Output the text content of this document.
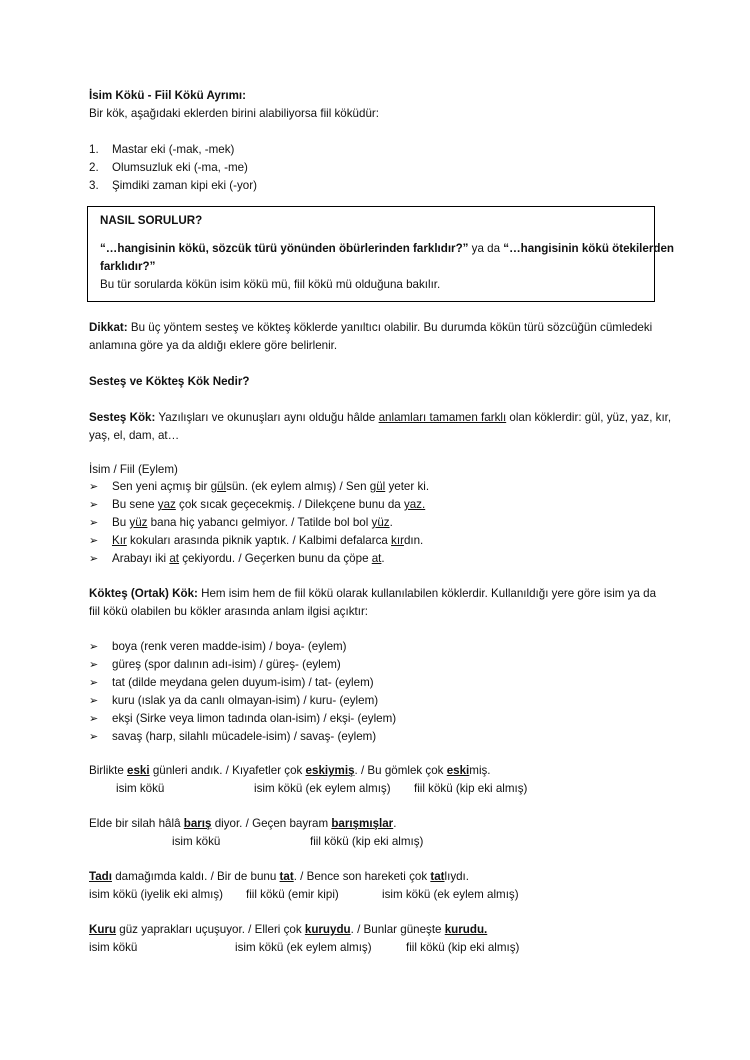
İsim Kökü - Fiil Kökü Ayrımı:
Bir kök, aşağıdaki eklerden birini alabiliyorsa fiil köküdür:
1. Mastar eki (-mak, -mek)
2. Olumsuzluk eki (-ma, -me)
3. Şimdiki zaman kipi eki (-yor)
NASIL SORULUR?
“…hangisinin kökü, sözcük türü yönünden öbürlerinden farklıdır?” ya da “…hangisinin kökü ötekilerden
farklıdır?”
Bu tür sorularda kökün isim kökü mü, fiil kökü mü olduğuna bakılır.
Dikkat: Bu üç yöntem sesteş ve kökteş köklerde yanıltıcı olabilir. Bu durumda kökün türü sözcüğün cümledeki
anlamına göre ya da aldığı eklere göre belirlenir.
Sesteş ve Kökteş Kök Nedir?
Sesteş Kök: Yazılışları ve okunuşları aynı olduğu hâlde anlamları tamamen farklı olan köklerdir: gül, yüz, yaz, kır,
yaş, el, dam, at…
İsim / Fiil (Eylem)
➢ Sen yeni açmış bir gülsün. (ek eylem almış) / Sen gül yeter ki.
➢ Bu sene yaz çok sıcak geçecekmiş. / Dilekçene bunu da yaz.
➢ Bu yüz bana hiç yabancı gelmiyor. / Tatilde bol bol yüz.
➢ Kır kokuları arasında piknik yaptık. / Kalbimi defalarca kırdın.
➢ Arabayı iki at çekiyordu. / Geçerken bunu da çöpe at.
Kökteş (Ortak) Kök: Hem isim hem de fiil kökü olarak kullanılabilen köklerdir. Kullanıldığı yere göre isim ya da
fiil kökü olabilen bu kökler arasında anlam ilgisi açıktır:
➢ boya (renk veren madde-isim) / boya- (eylem)
➢ güreş (spor dalının adı-isim) / güreş- (eylem)
➢ tat (dilde meydana gelen duyum-isim) / tat- (eylem)
➢ kuru (ıslak ya da canlı olmayan-isim) / kuru- (eylem)
➢ ekşi (Sirke veya limon tadında olan-isim) / ekşi- (eylem)
➢ savaş (harp, silahlı mücadele-isim) / savaş- (eylem)
Birlikte eski günleri andık. / Kıyafetler çok eskiymiş. / Bu gömlek çok eskimiş.
isim kökü	isim kökü (ek eylem almış) fiil kökü (kip eki almış)
Elde bir silah hâlâ barış diyor. / Geçen bayram barışmışlar.
isim kökü	fiil kökü (kip eki almış)
Tadı damağımda kaldı. / Bir de bunu tat. / Bence son hareketi çok tatlıydı.
isim kökü (iyelik eki almış) fiil kökü (emir kipi)	isim kökü (ek eylem almış)
Kuru güz yaprakları uçuşuyor. / Elleri çok kuruydu. / Bunlar güneşte kurudu.
isim kökü	isim kökü (ek eylem almış)	fiil kökü (kip eki almış)
